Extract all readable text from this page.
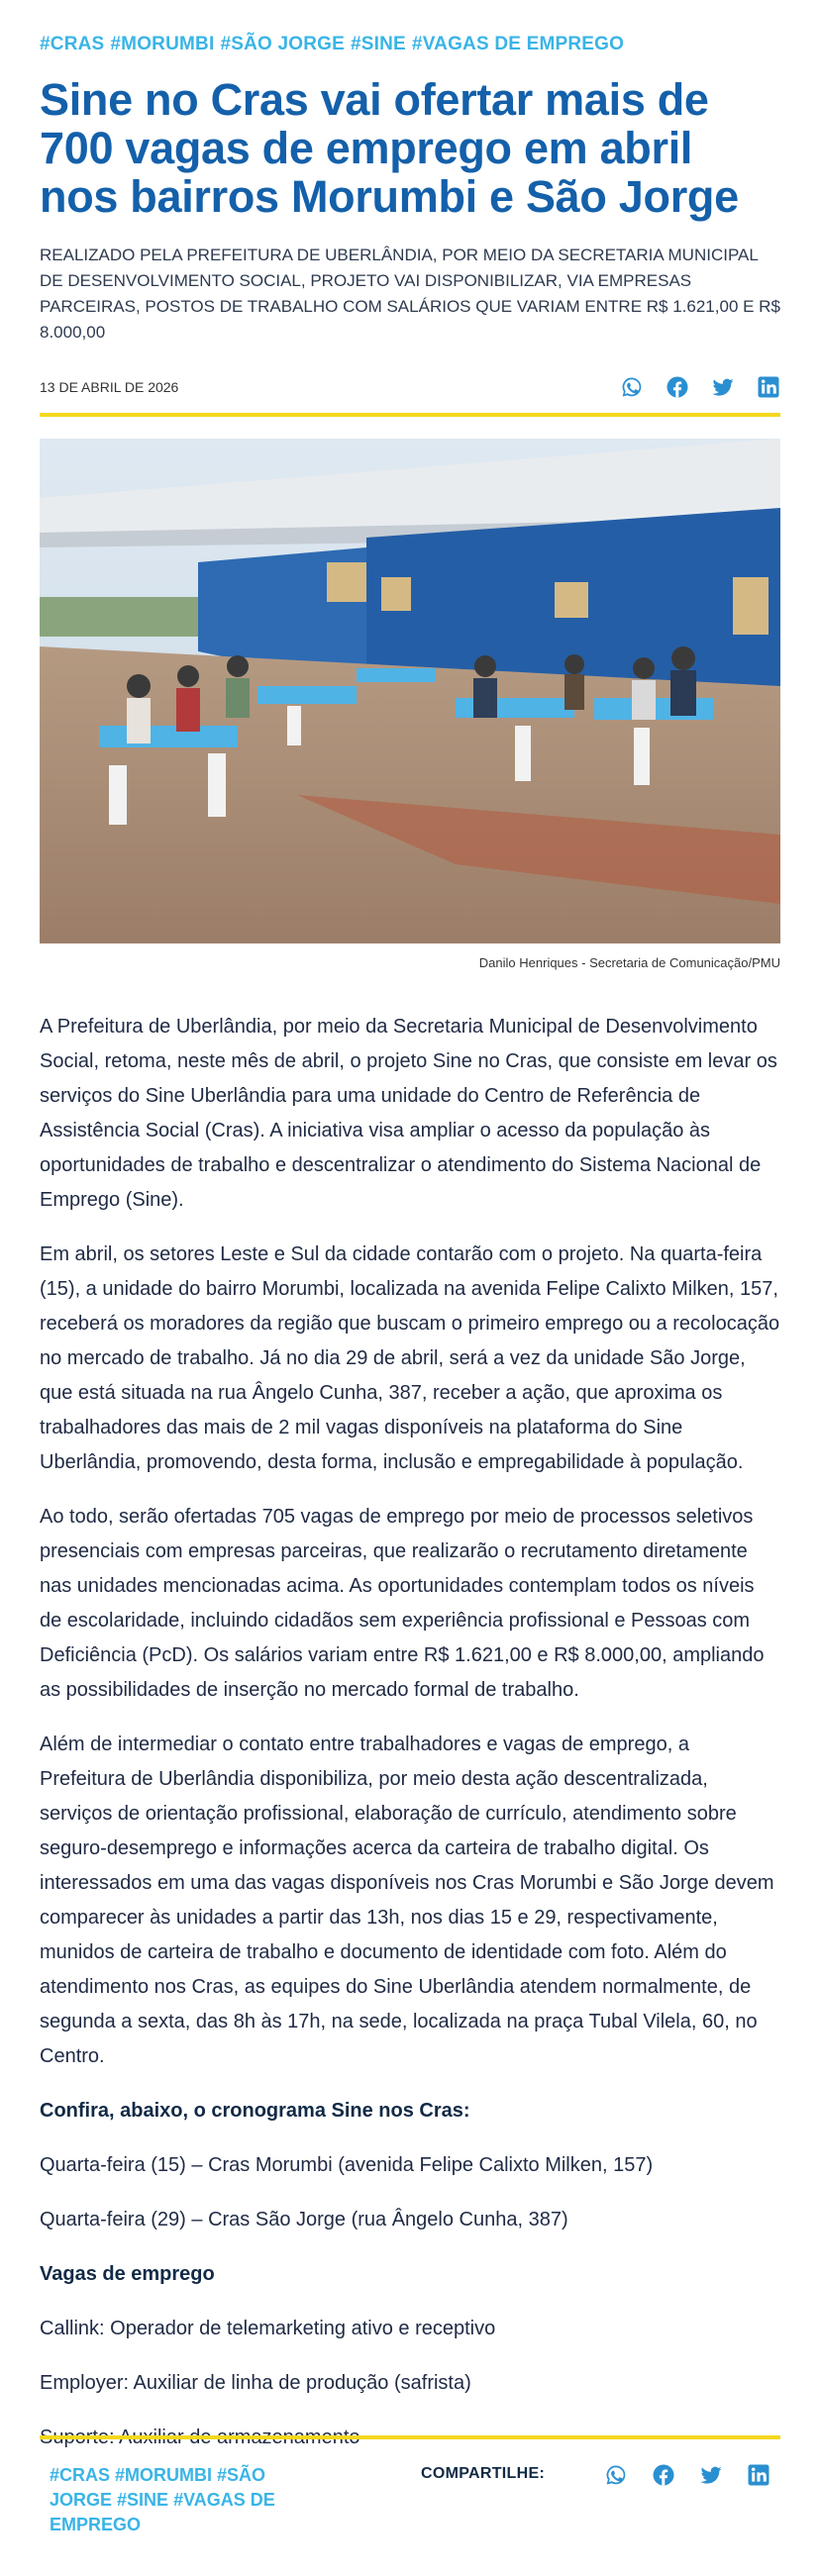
#CRAS #MORUMBI #SÃO JORGE #SINE #VAGAS DE EMPREGO
Sine no Cras vai ofertar mais de 700 vagas de emprego em abril nos bairros Morumbi e São Jorge
REALIZADO PELA PREFEITURA DE UBERLÂNDIA, POR MEIO DA SECRETARIA MUNICIPAL DE DESENVOLVIMENTO SOCIAL, PROJETO VAI DISPONIBILIZAR, VIA EMPRESAS PARCEIRAS, POSTOS DE TRABALHO COM SALÁRIOS QUE VARIAM ENTRE R$ 1.621,00 E R$ 8.000,00
13 DE ABRIL DE 2026
Danilo Henriques - Secretaria de Comunicação/PMU

A Prefeitura de Uberlândia, por meio da Secretaria Municipal de Desenvolvimento Social, retoma, neste mês de abril, o projeto Sine no Cras, que consiste em levar os serviços do Sine Uberlândia para uma unidade do Centro de Referência de Assistência Social (Cras). A iniciativa visa ampliar o acesso da população às oportunidades de trabalho e descentralizar o atendimento do Sistema Nacional de Emprego (Sine).

Em abril, os setores Leste e Sul da cidade contarão com o projeto. Na quarta-feira (15), a unidade do bairro Morumbi, localizada na avenida Felipe Calixto Milken, 157, receberá os moradores da região que buscam o primeiro emprego ou a recolocação no mercado de trabalho. Já no dia 29 de abril, será a vez da unidade São Jorge, que está situada na rua Ângelo Cunha, 387, receber a ação, que aproxima os trabalhadores das mais de 2 mil vagas disponíveis na plataforma do Sine Uberlândia, promovendo, desta forma, inclusão e empregabilidade à população.

Ao todo, serão ofertadas 705 vagas de emprego por meio de processos seletivos presenciais com empresas parceiras, que realizarão o recrutamento diretamente nas unidades mencionadas acima. As oportunidades contemplam todos os níveis de escolaridade, incluindo cidadãos sem experiência profissional e Pessoas com Deficiência (PcD). Os salários variam entre R$ 1.621,00 e R$ 8.000,00, ampliando as possibilidades de inserção no mercado formal de trabalho.

Além de intermediar o contato entre trabalhadores e vagas de emprego, a Prefeitura de Uberlândia disponibiliza, por meio desta ação descentralizada, serviços de orientação profissional, elaboração de currículo, atendimento sobre seguro-desemprego e informações acerca da carteira de trabalho digital. Os interessados em uma das vagas disponíveis nos Cras Morumbi e São Jorge devem comparecer às unidades a partir das 13h, nos dias 15 e 29, respectivamente, munidos de carteira de trabalho e documento de identidade com foto. Além do atendimento nos Cras, as equipes do Sine Uberlândia atendem normalmente, de segunda a sexta, das 8h às 17h, na sede, localizada na praça Tubal Vilela, 60, no Centro.

Confira, abaixo, o cronograma Sine nos Cras:

Quarta-feira (15) – Cras Morumbi (avenida Felipe Calixto Milken, 157)

Quarta-feira (29) – Cras São Jorge (rua Ângelo Cunha, 387)

Vagas de emprego

Callink: Operador de telemarketing ativo e receptivo

Employer: Auxiliar de linha de produção (safrista)

#CRAS #MORUMBI #SÃO JORGE #SINE #VAGAS DE EMPREGO
COMPARTILHE:
